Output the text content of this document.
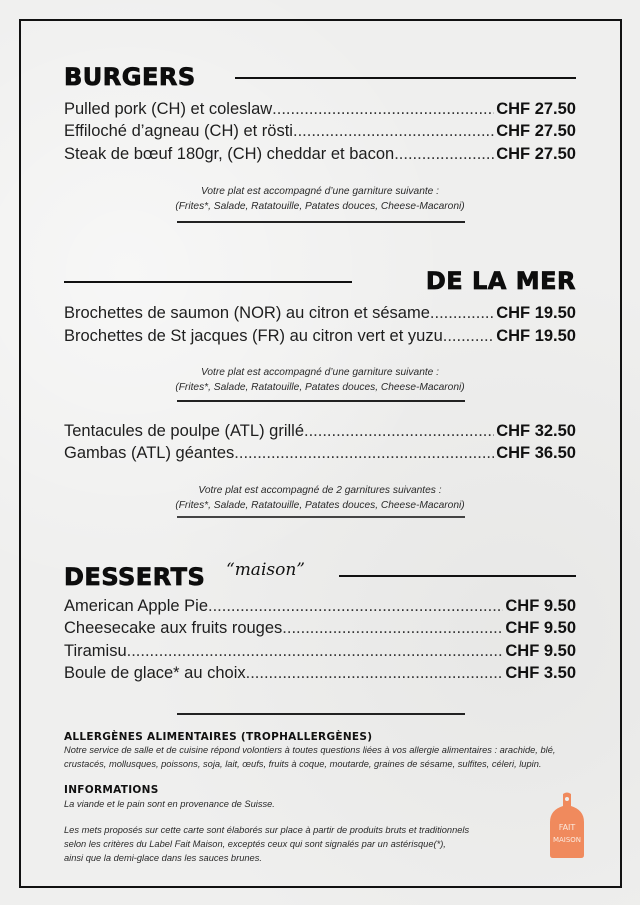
BURGERS
Pulled pork (CH) et coleslaw .....	CHF 27.50
Effiloché d’agneau (CH) et rösti .....	CHF 27.50
Steak de bœuf 180gr, (CH) cheddar et bacon .....	CHF 27.50
Votre plat est accompagné d’une garniture suivante :
(Frites*, Salade, Ratatouille, Patates douces, Cheese-Macaroni)
DE LA MER
Brochettes de saumon (NOR) au citron et sésame .....	CHF 19.50
Brochettes de St jacques (FR) au citron vert et yuzu .....	CHF 19.50
Votre plat est accompagné d’une garniture suivante :
(Frites*, Salade, Ratatouille, Patates douces, Cheese-Macaroni)
Tentacules de poulpe (ATL) grillé .....	CHF 32.50
Gambas (ATL) géantes .....	CHF 36.50
Votre plat est accompagné de 2 garnitures suivantes :
(Frites*, Salade, Ratatouille, Patates douces, Cheese-Macaroni)
DESSERTS “maison”
American Apple Pie .....	CHF 9.50
Cheesecake aux fruits rouges .....	CHF 9.50
Tiramisu .....	CHF 9.50
Boule de glace* au choix .....	CHF 3.50
ALLERGÈNES ALIMENTAIRES (TROPHALLERGÈNES)
Notre service de salle et de cuisine répond volontiers à toutes questions liées à vos allergie alimentaires : arachide, blé,
crustacés, mollusques, poissons, soja, lait, œufs, fruits à coque, moutarde, graines de sésame, sulfites, céleri, lupin.
INFORMATIONS
La viande et le pain sont en provenance de Suisse.
Les mets proposés sur cette carte sont élaborés sur place à partir de produits bruts et traditionnels
selon les critères du Label Fait Maison, exceptés ceux qui sont signalés par un astérisque(*),
ainsi que la demi-glace dans les sauces brunes.
FAIT
MAISON
